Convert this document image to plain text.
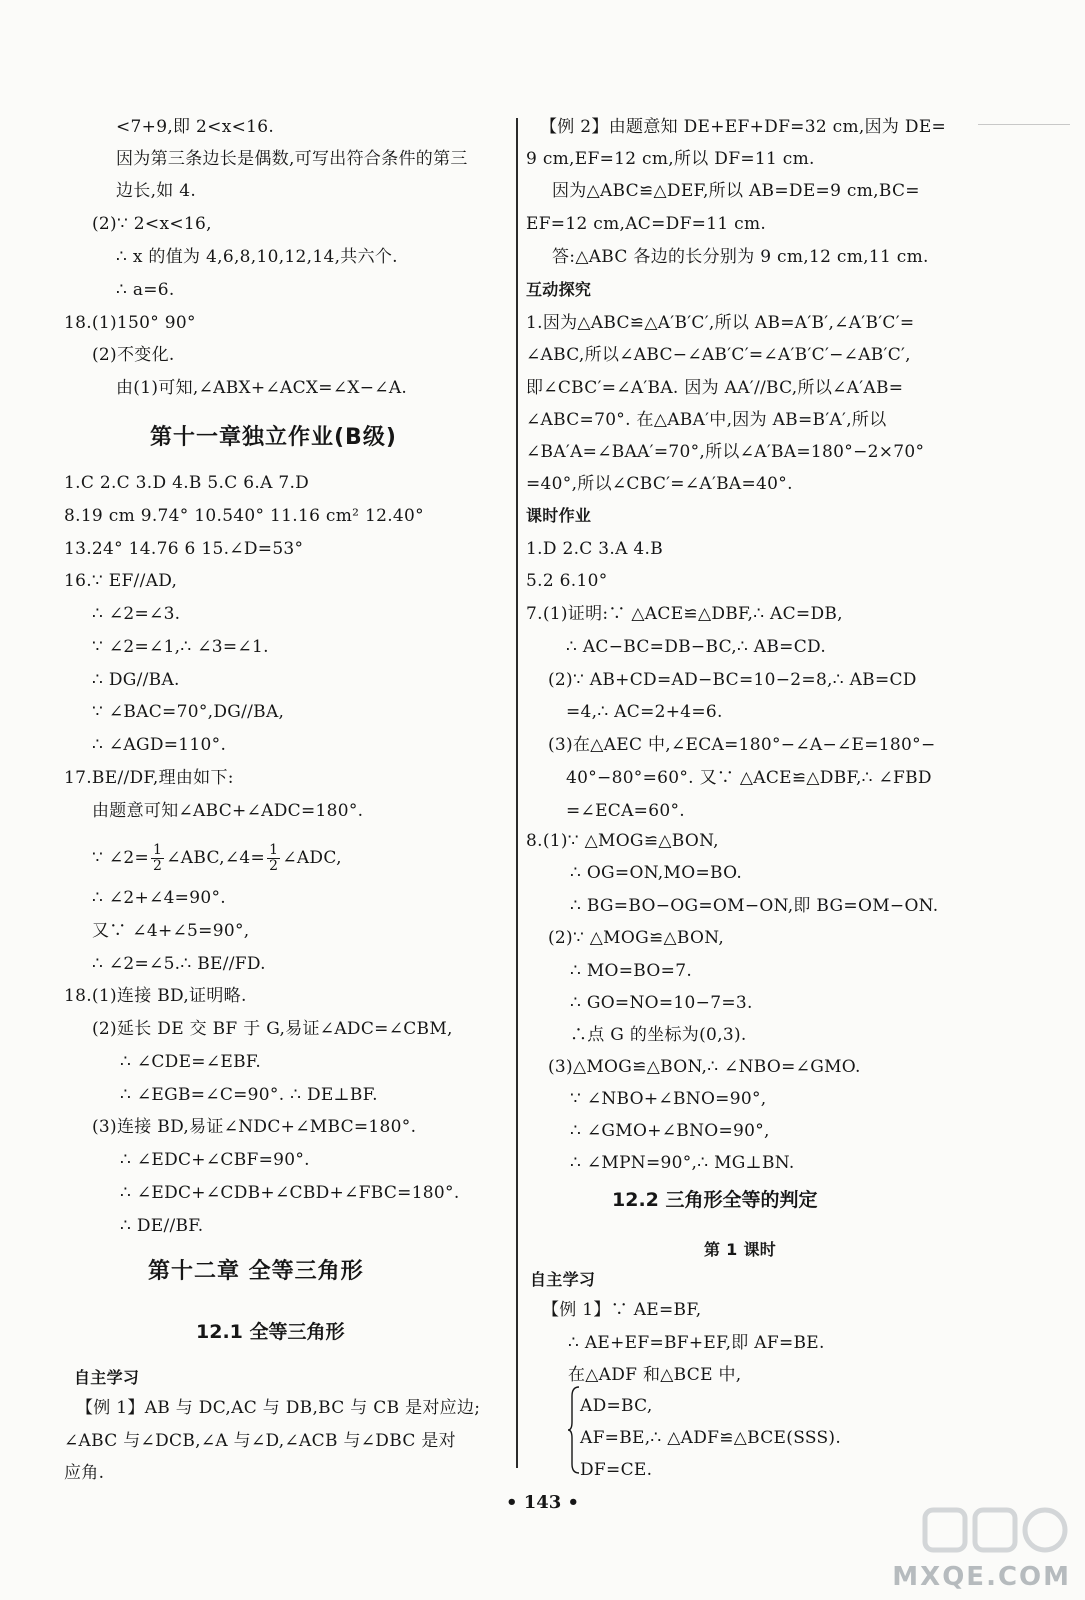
<7+9,即 2<x<16.
因为第三条边长是偶数,可写出符合条件的第三
边长,如 4.
(2)∵ 2<x<16,
∴ x 的值为 4,6,8,10,12,14,共六个.
∴ a=6.
18.(1)150° 90°
(2)不变化.
由(1)可知,∠ABX+∠ACX=∠X−∠A.
第十一章独立作业(B级)
1.C 2.C 3.D 4.B 5.C 6.A 7.D
8.19 cm 9.74° 10.540° 11.16 cm² 12.40°
13.24° 14.76 6 15.∠D=53°
16.∵ EF//AD,
∴ ∠2=∠3.
∵ ∠2=∠1,∴ ∠3=∠1.
∴ DG//BA.
∵ ∠BAC=70°,DG//BA,
∴ ∠AGD=110°.
17.BE//DF,理由如下:
由题意可知∠ABC+∠ADC=180°.
∵ ∠2= $\frac{1}{2}$ ∠ABC,∠4= $\frac{1}{2}$ ∠ADC,
∴ ∠2+∠4=90°.
又∵ ∠4+∠5=90°,
∴ ∠2=∠5.∴ BE//FD.
18.(1)连接 BD,证明略.
(2)延长 DE 交 BF 于 G,易证∠ADC=∠CBM,
∴ ∠CDE=∠EBF.
∴ ∠EGB=∠C=90°. ∴ DE⊥BF.
(3)连接 BD,易证∠NDC+∠MBC=180°.
∴ ∠EDC+∠CBF=90°.
∴ ∠EDC+∠CDB+∠CBD+∠FBC=180°.
∴ DE//BF.
第十二章 全等三角形
12.1 全等三角形
自主学习
【例 1】AB 与 DC,AC 与 DB,BC 与 CB 是对应边;
∠ABC 与∠DCB,∠A 与∠D,∠ACB 与∠DBC 是对
应角.
【例 2】由题意知 DE+EF+DF=32 cm,因为 DE=
9 cm,EF=12 cm,所以 DF=11 cm.
因为△ABC≌△DEF,所以 AB=DE=9 cm,BC=
EF=12 cm,AC=DF=11 cm.
答:△ABC 各边的长分别为 9 cm,12 cm,11 cm.
互动探究
1.因为△ABC≌△A′B′C′,所以 AB=A′B′,∠A′B′C′=
∠ABC,所以∠ABC−∠AB′C′=∠A′B′C′−∠AB′C′,
即∠CBC′=∠A′BA. 因为 AA′//BC,所以∠A′AB=
∠ABC=70°. 在△ABA′中,因为 AB=B′A′,所以
∠BA′A=∠BAA′=70°,所以∠A′BA=180°−2×70°
=40°,所以∠CBC′=∠A′BA=40°.
课时作业
1.D 2.C 3.A 4.B
5.2 6.10°
7.(1)证明:∵ △ACE≌△DBF,∴ AC=DB,
∴ AC−BC=DB−BC,∴ AB=CD.
(2)∵ AB+CD=AD−BC=10−2=8,∴ AB=CD
=4,∴ AC=2+4=6.
(3)在△AEC 中,∠ECA=180°−∠A−∠E=180°−
40°−80°=60°. 又∵ △ACE≌△DBF,∴ ∠FBD
=∠ECA=60°.
8.(1)∵ △MOG≌△BON,
∴ OG=ON,MO=BO.
∴ BG=BO−OG=OM−ON,即 BG=OM−ON.
(2)∵ △MOG≌△BON,
∴ MO=BO=7.
∴ GO=NO=10−7=3.
∴点 G 的坐标为(0,3).
(3)△MOG≌△BON,∴ ∠NBO=∠GMO.
∵ ∠NBO+∠BNO=90°,
∴ ∠GMO+∠BNO=90°,
∴ ∠MPN=90°,∴ MG⊥BN.
12.2 三角形全等的判定
第 1 课时
自主学习
【例 1】∵ AE=BF,
∴ AE+EF=BF+EF,即 AF=BE.
在△ADF 和△BCE 中,
AD=BC,
AF=BE,∴ △ADF≌△BCE(SSS).
DF=CE.
• 143 •
MXQE.COM
